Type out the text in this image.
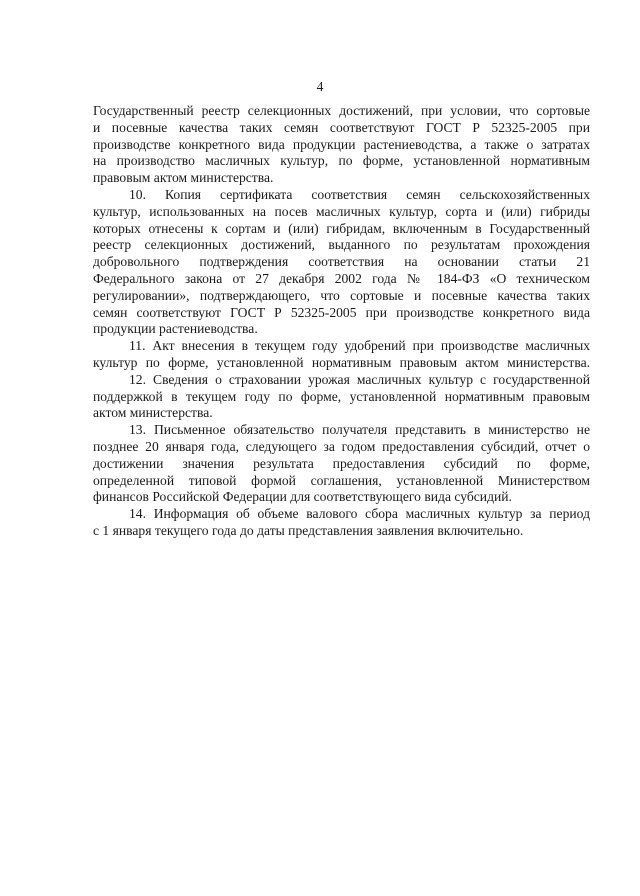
4
Государственный реестр селекционных достижений, при условии, что сортовые
и посевные качества таких семян соответствуют ГОСТ Р 52325-2005 при
производстве конкретного вида продукции растениеводства, а также о затратах
на производство масличных культур, по форме, установленной нормативным
правовым актом министерства.
10. Копия сертификата соответствия семян сельскохозяйственных
культур, использованных на посев масличных культур, сорта и (или) гибриды
которых отнесены к сортам и (или) гибридам, включенным в Государственный
реестр селекционных достижений, выданного по результатам прохождения
добровольного подтверждения соответствия на основании статьи 21
Федерального закона от 27 декабря 2002 года № 184-ФЗ «О техническом
регулировании», подтверждающего, что сортовые и посевные качества таких
семян соответствуют ГОСТ Р 52325-2005 при производстве конкретного вида
продукции растениеводства.
11. Акт внесения в текущем году удобрений при производстве масличных
культур по форме, установленной нормативным правовым актом министерства.
12. Сведения о страховании урожая масличных культур с государственной
поддержкой в текущем году по форме, установленной нормативным правовым
актом министерства.
13. Письменное обязательство получателя представить в министерство не
позднее 20 января года, следующего за годом предоставления субсидий, отчет о
достижении значения результата предоставления субсидий по форме,
определенной типовой формой соглашения, установленной Министерством
финансов Российской Федерации для соответствующего вида субсидий.
14. Информация об объеме валового сбора масличных культур за период
с 1 января текущего года до даты представления заявления включительно.
